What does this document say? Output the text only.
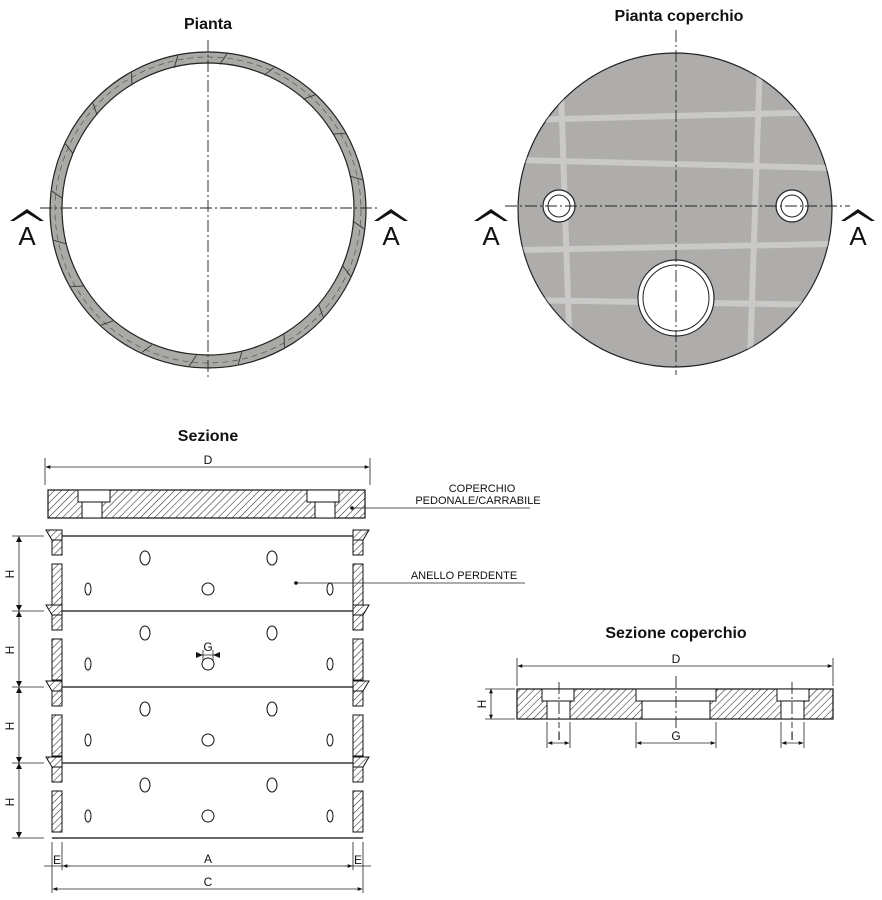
Pianta
A	A
Pianta coperchio
A	A
Sezione
D
COPERCHIO
PEDONALE/CARRABILE
ANELLO PERDENTE
G
H
H
H
H
E	E
A
C
Sezione coperchio
D
H
I	G	I
